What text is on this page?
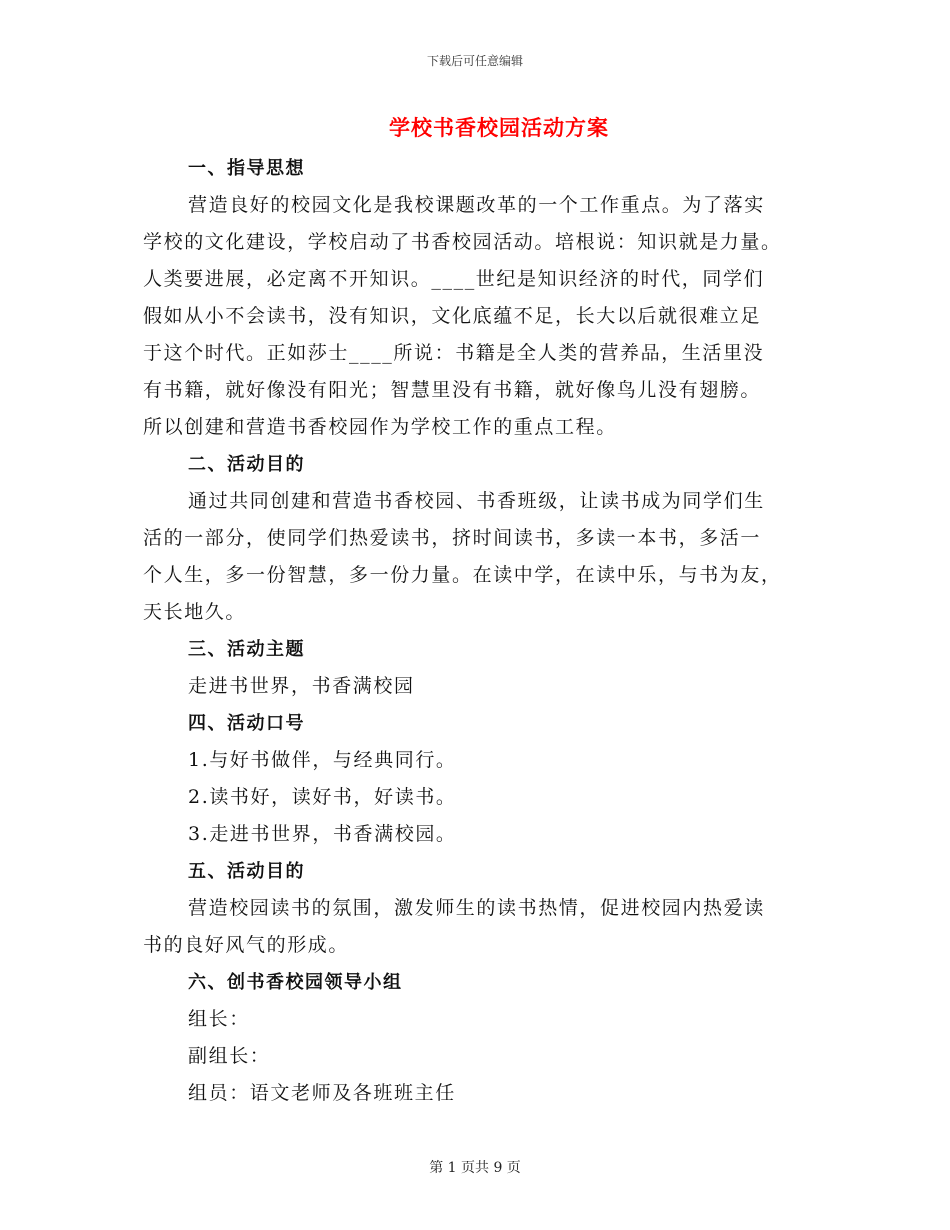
下载后可任意编辑
学校书香校园活动方案
一、指导思想
营造良好的校园文化是我校课题改革的一个工作重点。为了落实
学校的文化建设，学校启动了书香校园活动。培根说：知识就是力量。
人类要进展，必定离不开知识。____世纪是知识经济的时代，同学们
假如从小不会读书，没有知识，文化底蕴不足，长大以后就很难立足
于这个时代。正如莎士____所说：书籍是全人类的营养品，生活里没
有书籍，就好像没有阳光；智慧里没有书籍，就好像鸟儿没有翅膀。
所以创建和营造书香校园作为学校工作的重点工程。
二、活动目的
通过共同创建和营造书香校园、书香班级，让读书成为同学们生
活的一部分，使同学们热爱读书，挤时间读书，多读一本书，多活一
个人生，多一份智慧，多一份力量。在读中学，在读中乐，与书为友，
天长地久。
三、活动主题
走进书世界，书香满校园
四、活动口号
1.与好书做伴，与经典同行。
2.读书好，读好书，好读书。
3.走进书世界，书香满校园。
五、活动目的
营造校园读书的氛围，激发师生的读书热情，促进校园内热爱读
书的良好风气的形成。
六、创书香校园领导小组
组长：
副组长：
组员：语文老师及各班班主任
第 1 页共 9 页
